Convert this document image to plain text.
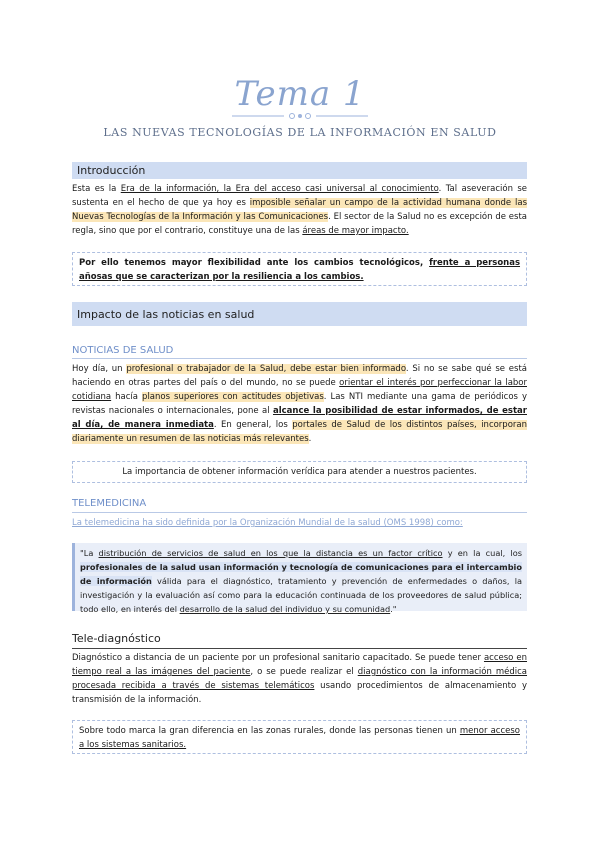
Tema 1
LAS NUEVAS TECNOLOGÍAS DE LA INFORMACIÓN EN SALUD
Introducción
Esta es la Era de la información, la Era del acceso casi universal al conocimiento. Tal aseveración se sustenta en el hecho de que ya hoy es imposible señalar un campo de la actividad humana donde las Nuevas Tecnologías de la Información y las Comunicaciones. El sector de la Salud no es excepción de esta regla, sino que por el contrario, constituye una de las áreas de mayor impacto.
Por ello tenemos mayor flexibilidad ante los cambios tecnológicos, frente a personas añosas que se caracterizan por la resiliencia a los cambios.
Impacto de las noticias en salud
NOTICIAS DE SALUD
Hoy día, un profesional o trabajador de la Salud, debe estar bien informado. Si no se sabe qué se está haciendo en otras partes del país o del mundo, no se puede orientar el interés por perfeccionar la labor cotidiana hacía planos superiores con actitudes objetivas. Las NTI mediante una gama de periódicos y revistas nacionales o internacionales, pone al alcance la posibilidad de estar informados, de estar al día, de manera inmediata. En general, los portales de Salud de los distintos países, incorporan diariamente un resumen de las noticias más relevantes.
La importancia de obtener información verídica para atender a nuestros pacientes.
TELEMEDICINA
La telemedicina ha sido definida por la Organización Mundial de la salud (OMS 1998) como:
"La distribución de servicios de salud en los que la distancia es un factor crítico y en la cual, los profesionales de la salud usan información y tecnología de comunicaciones para el intercambio de información válida para el diagnóstico, tratamiento y prevención de enfermedades o daños, la investigación y la evaluación así como para la educación continuada de los proveedores de salud pública; todo ello, en interés del desarrollo de la salud del individuo y su comunidad."
Tele-diagnóstico
Diagnóstico a distancia de un paciente por un profesional sanitario capacitado. Se puede tener acceso en tiempo real a las imágenes del paciente, o se puede realizar el diagnóstico con la información médica procesada recibida a través de sistemas telemáticos usando procedimientos de almacenamiento y transmisión de la información.
Sobre todo marca la gran diferencia en las zonas rurales, donde las personas tienen un menor acceso a los sistemas sanitarios.
